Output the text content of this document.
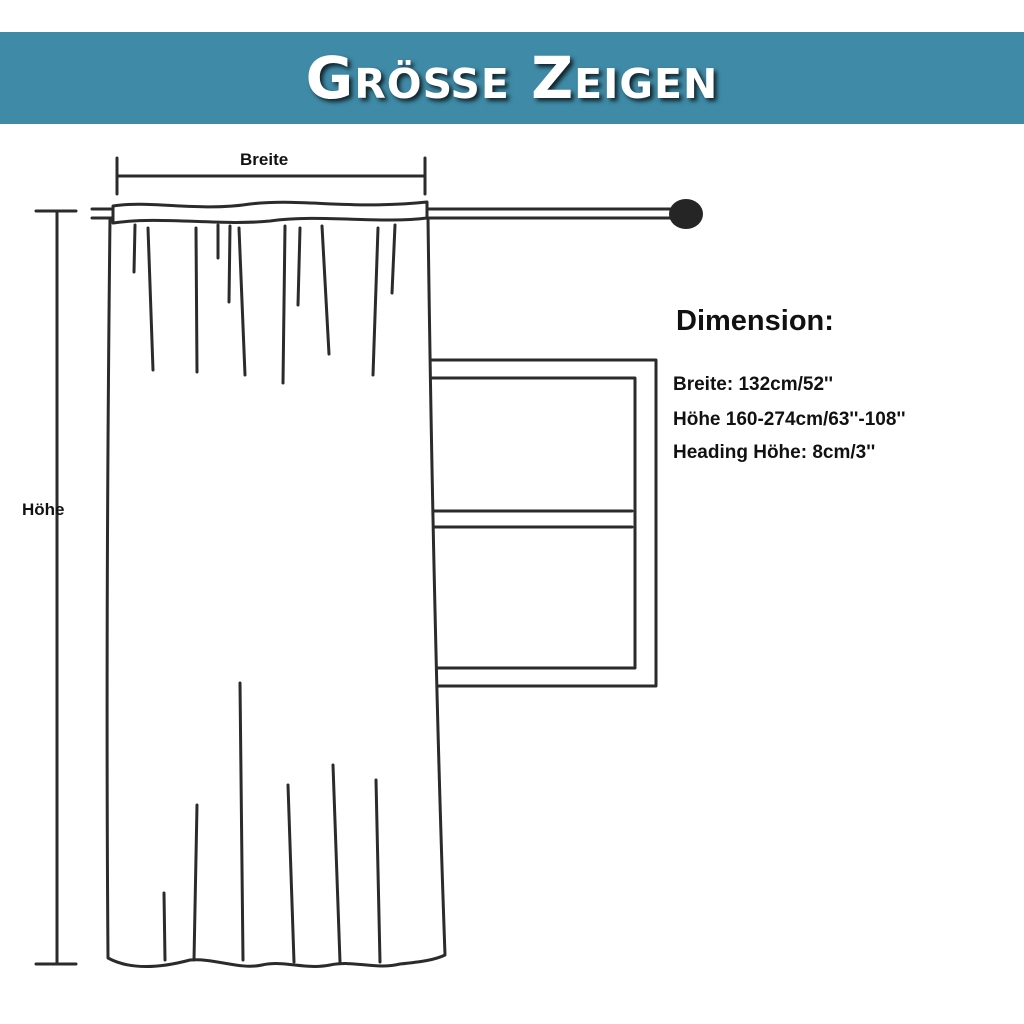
Größe Zeigen
Breite
Höhe
Dimension:
Breite: 132cm/52''
Höhe 160-274cm/63''-108''
Heading Höhe: 8cm/3''
